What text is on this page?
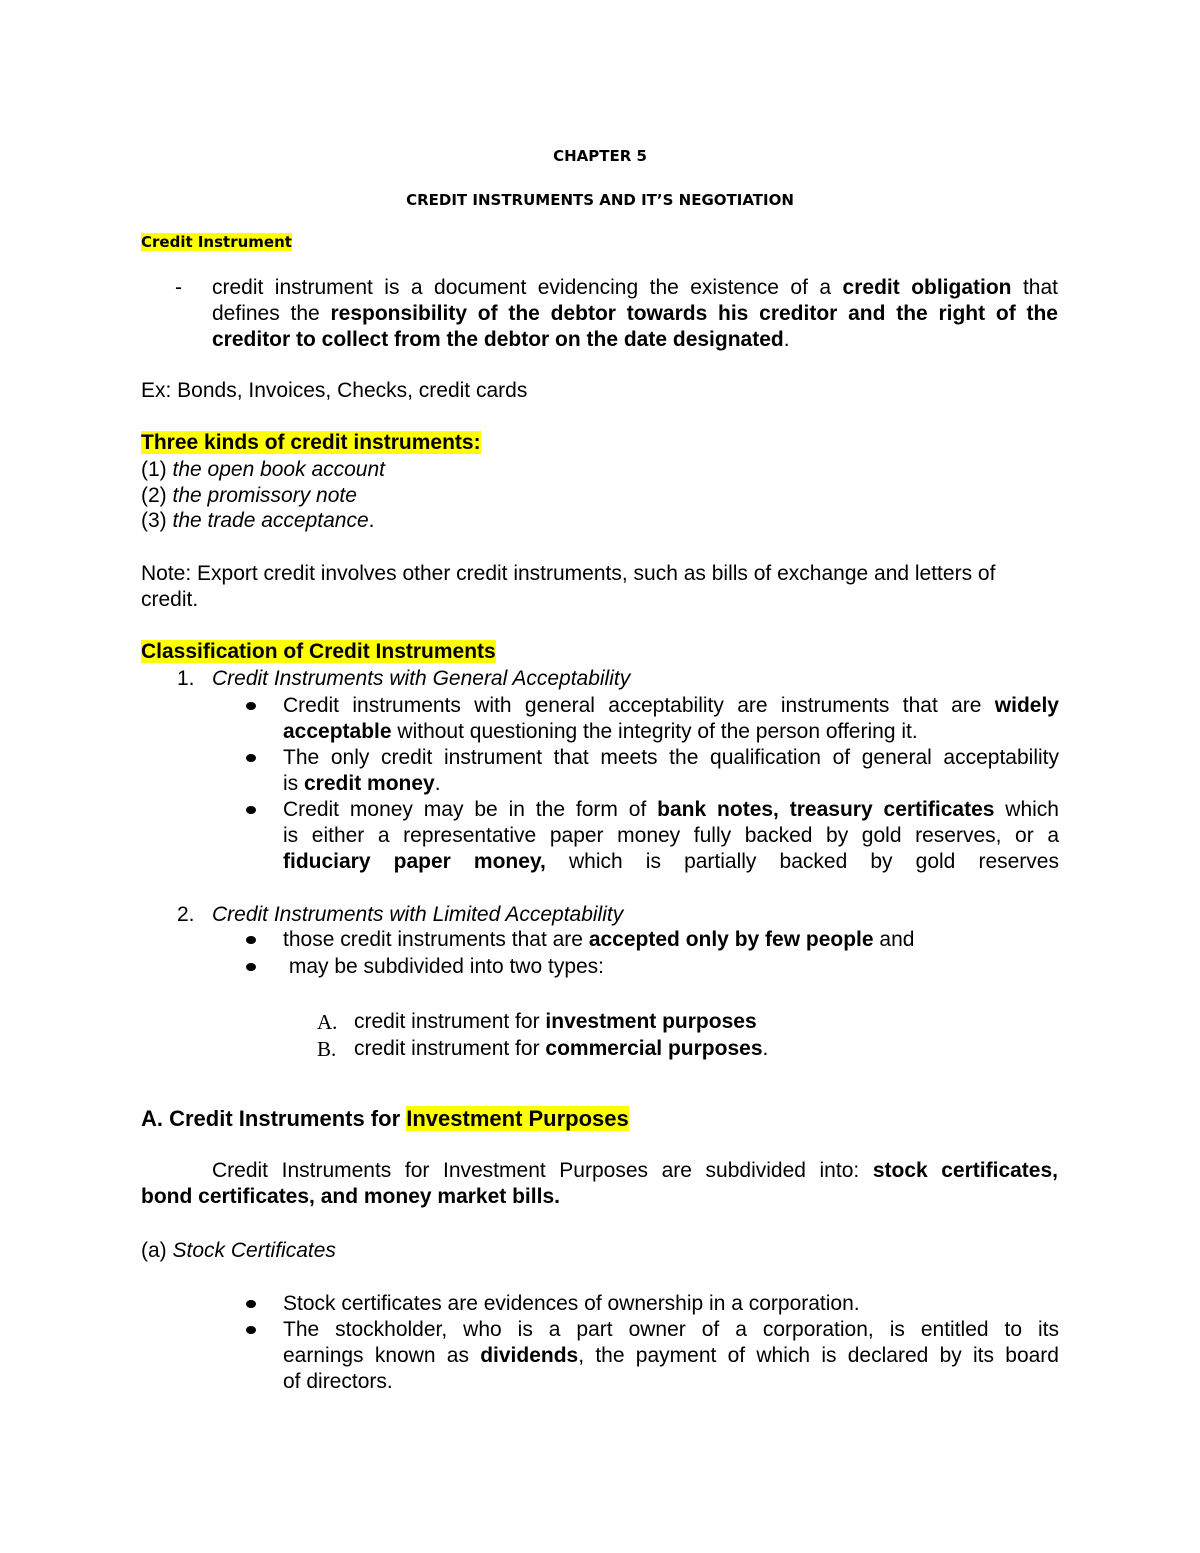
CHAPTER 5
CREDIT INSTRUMENTS AND IT’S NEGOTIATION
Credit Instrument
- credit instrument is a document evidencing the existence of a credit obligation that
defines the responsibility of the debtor towards his creditor and the right of the
creditor to collect from the debtor on the date designated.
Ex: Bonds, Invoices, Checks, credit cards
Three kinds of credit instruments:
(1) the open book account
(2) the promissory note
(3) the trade acceptance.
Note: Export credit involves other credit instruments, such as bills of exchange and letters of
credit.
Classification of Credit Instruments
1. Credit Instruments with General Acceptability
Credit instruments with general acceptability are instruments that are widely
acceptable without questioning the integrity of the person offering it.
The only credit instrument that meets the qualification of general acceptability
is credit money.
Credit money may be in the form of bank notes, treasury certificates which
is either a representative paper money fully backed by gold reserves, or a
fiduciary paper money, which is partially backed by gold reserves
2. Credit Instruments with Limited Acceptability
those credit instruments that are accepted only by few people and
may be subdivided into two types:
A. credit instrument for investment purposes
B. credit instrument for commercial purposes.
A. Credit Instruments for Investment Purposes
Credit Instruments for Investment Purposes are subdivided into: stock certificates,
bond certificates, and money market bills.
(a) Stock Certificates
Stock certificates are evidences of ownership in a corporation.
The stockholder, who is a part owner of a corporation, is entitled to its
earnings known as dividends, the payment of which is declared by its board
of directors.
